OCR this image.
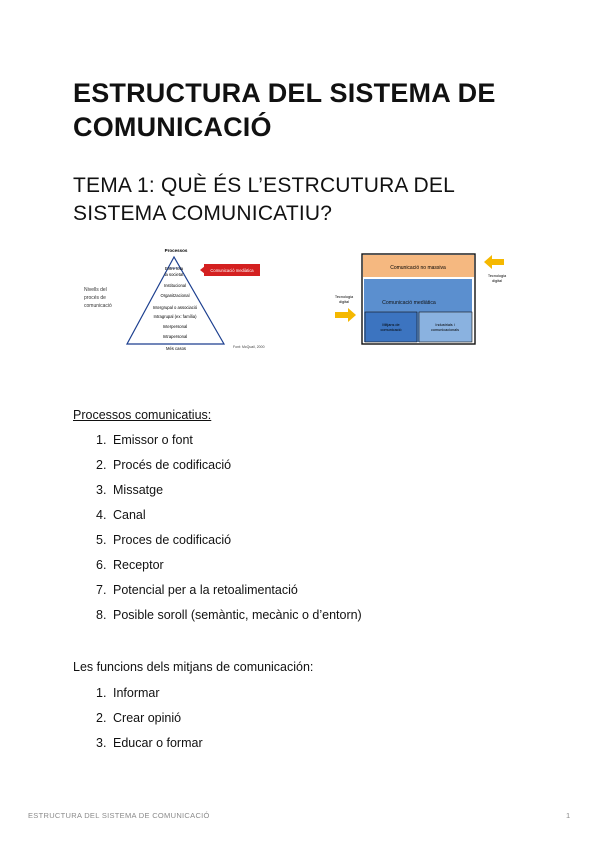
ESTRUCTURA DEL SISTEMA DE COMUNICACIÓ
TEMA 1: QUÈ ÉS L’ESTRCUTURA DEL SISTEMA COMUNICATIU?
Processos
Nivells del
procés de
comunicació
Comunicació mediàtica
Entre tota
la societat
Institucional
Organitzacional
Intergrupal o associació
Intragrupal (ex: família)
Interpersonal
Intrapersonal
Més casos	Font: McQuail, 2000
Tecnologia
digital
Comunicació no massiva
Comunicació mediàtica
Mitjans de
comunicació
Industrials i
comunicacionals
Tecnologia
digital

Processos comunicatius:

1. Emissor o font
2. Procés de codificació
3. Missatge
4. Canal
5. Proces de codificació
6. Receptor
7. Potencial per a la retoalimentació
8. Posible soroll (semàntic, mecànic o d’entorn)

Les funcions dels mitjans de comunicación:

1. Informar
2. Crear opinió
3. Educar o formar
ESTRUCTURA DEL SISTEMA DE COMUNICACIÓ	1
